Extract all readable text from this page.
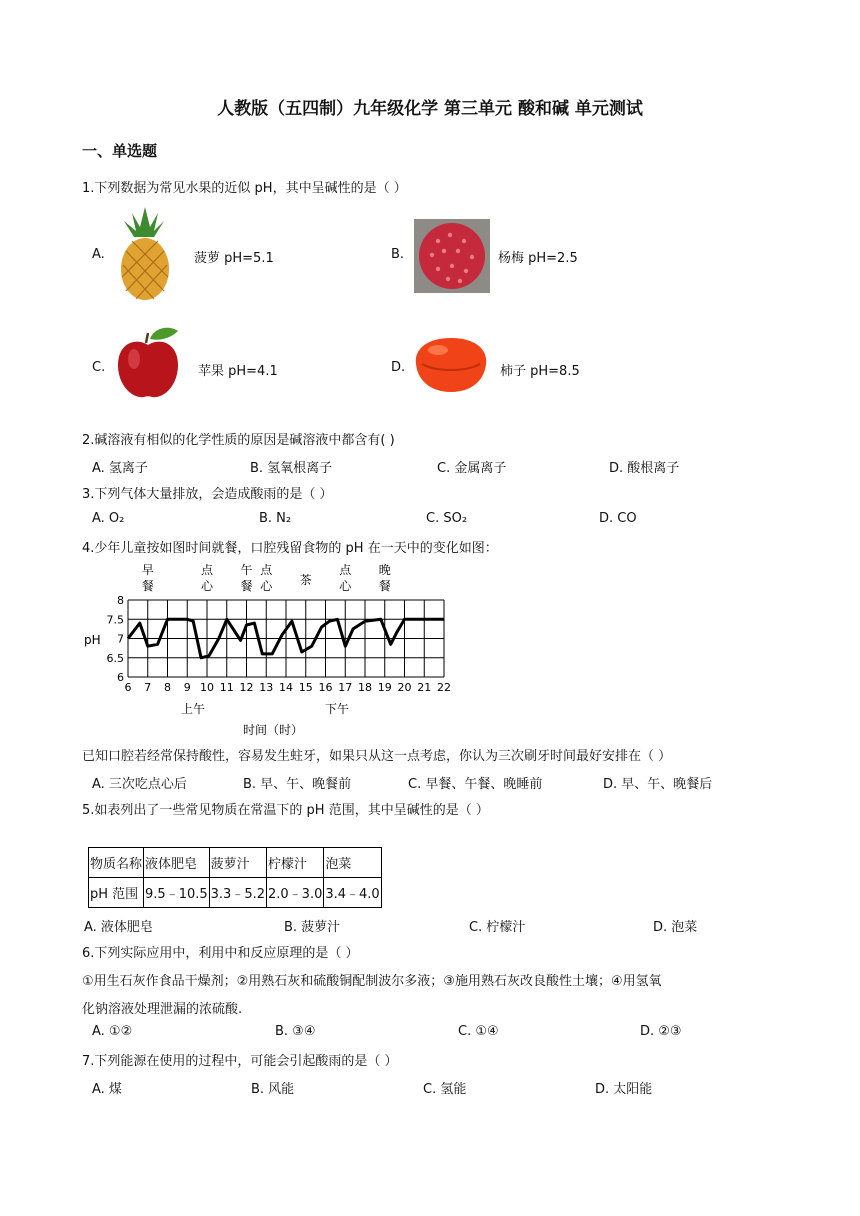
人教版（五四制）九年级化学 第三单元 酸和碱 单元测试
一、单选题
1.下列数据为常见水果的近似 pH，其中呈碱性的是（ ）
A.	菠萝 pH=5.1	B.	杨梅 pH=2.5
C.	苹果 pH=4.1	D.	柿子 pH=8.5
2.碱溶液有相似的化学性质的原因是碱溶液中都含有( )
A. 氢离子	B. 氢氧根离子	C. 金属离子	D. 酸根离子
3.下列气体大量排放，会造成酸雨的是（ ）
A. O₂	B. N₂	C. SO₂	D. CO
4.少年儿童按如图时间就餐，口腔残留食物的 pH 在一天中的变化如图：
早
餐
点
心
午
餐
点
心 茶
点
心
晚
餐
6 7 8 9 10 11 12 13 14 15 16 17 18 19 20 21 22
6
6.5
7
7.5
8
pH
上午	下午
时间（时）
已知口腔若经常保持酸性，容易发生蛀牙，如果只从这一点考虑，你认为三次刷牙时间最好安排在（ ）
A. 三次吃点心后	B. 早、午、晚餐前	C. 早餐、午餐、晚睡前	D. 早、午、晚餐后
5.如表列出了一些常见物质在常温下的 pH 范围，其中呈碱性的是（ ）
物质名称	液体肥皂	菠萝汁	柠檬汁	泡菜
pH 范围	9.5﹣10.5	3.3﹣5.2	2.0﹣3.0	3.4﹣4.0
A. 液体肥皂	B. 菠萝汁	C. 柠檬汁	D. 泡菜
6.下列实际应用中，利用中和反应原理的是（ ）
①用生石灰作食品干燥剂；②用熟石灰和硫酸铜配制波尔多液；③施用熟石灰改良酸性土壤；④用氢氧
化钠溶液处理泄漏的浓硫酸.
A. ①②	B. ③④	C. ①④	D. ②③
7.下列能源在使用的过程中，可能会引起酸雨的是（ ）
A. 煤	B. 风能	C. 氢能	D. 太阳能
